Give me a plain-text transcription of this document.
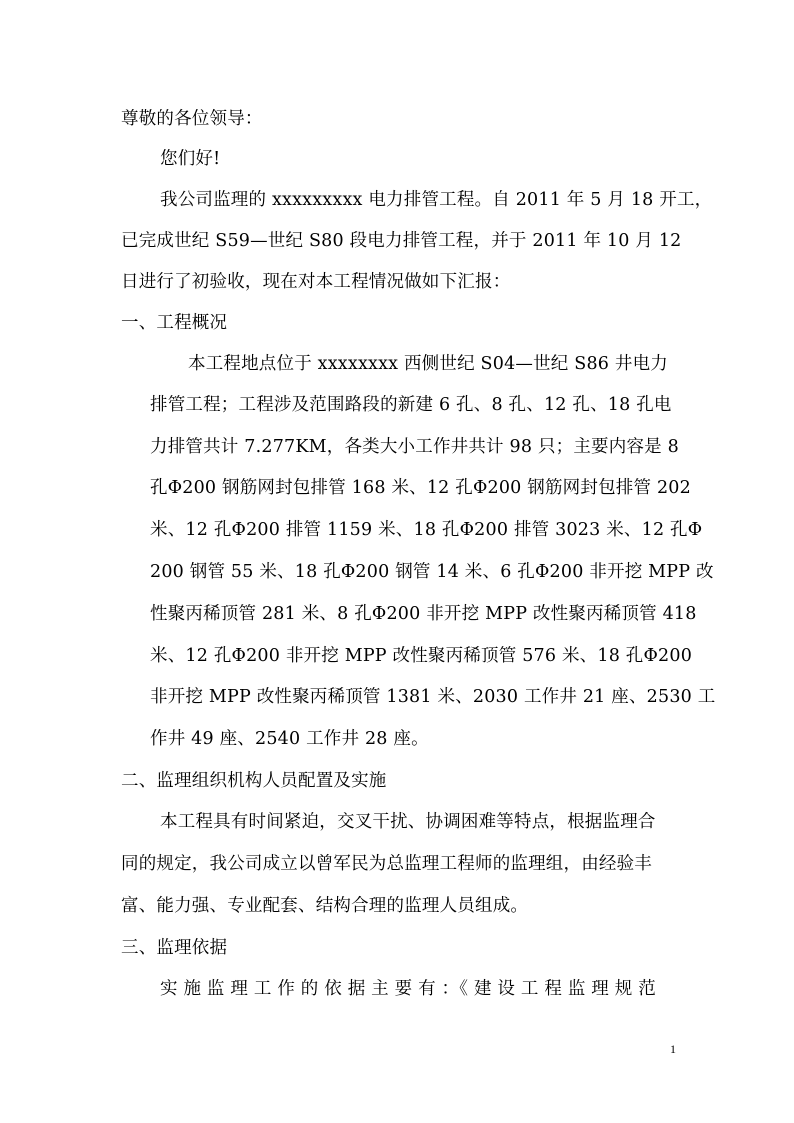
尊敬的各位领导：
您们好!
我公司监理的 xxxxxxxxx 电力排管工程。自 2011 年 5 月 18 开工，
已完成世纪 S59—世纪 S80 段电力排管工程，并于 2011 年 10 月 12
日进行了初验收，现在对本工程情况做如下汇报：
一、工程概况
本工程地点位于 xxxxxxxx 西侧世纪 S04—世纪 S86 井电力
排管工程；工程涉及范围路段的新建 6 孔、8 孔、12 孔、18 孔电
力排管共计 7.277KM，各类大小工作井共计 98 只；主要内容是 8
孔Φ200 钢筋网封包排管 168 米、12 孔Φ200 钢筋网封包排管 202
米、12 孔Φ200 排管 1159 米、18 孔Φ200 排管 3023 米、12 孔Φ
200 钢管 55 米、18 孔Φ200 钢管 14 米、6 孔Φ200 非开挖 MPP 改
性聚丙稀顶管 281 米、8 孔Φ200 非开挖 MPP 改性聚丙稀顶管 418
米、12 孔Φ200 非开挖 MPP 改性聚丙稀顶管 576 米、18 孔Φ200
非开挖 MPP 改性聚丙稀顶管 1381 米、2030 工作井 21 座、2530 工
作井 49 座、2540 工作井 28 座。
二、监理组织机构人员配置及实施
本工程具有时间紧迫，交叉干扰、协调困难等特点，根据监理合
同的规定，我公司成立以曾军民为总监理工程师的监理组，由经验丰
富、能力强、专业配套、结构合理的监理人员组成。
三、监理依据
实 施 监 理 工 作 的 依 据 主 要 有 ：《 建 设 工 程 监 理 规 范
1
